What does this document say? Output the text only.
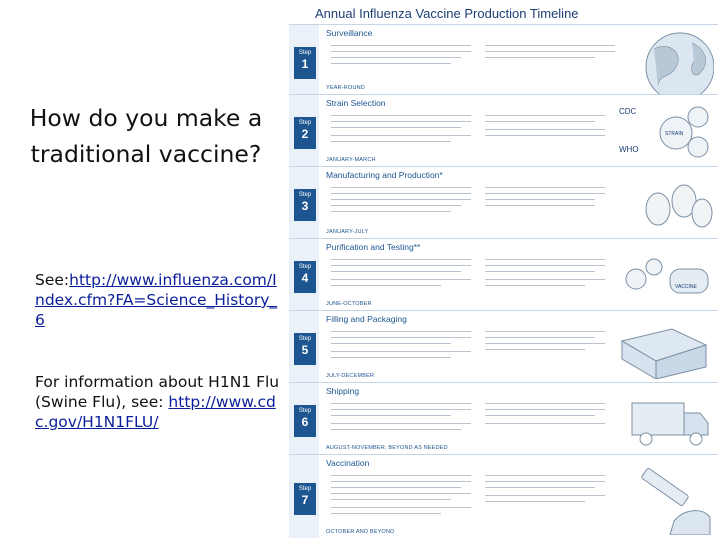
How do you make a traditional vaccine?
See:http://www.influenza.com/Index.cfm?FA=Science_History_6
For information about H1N1 Flu (Swine Flu), see: http://www.cdc.gov/H1N1FLU/
Annual Influenza Vaccine Production Timeline
Step
1
Surveillance
YEAR-ROUND
Step
2
Strain Selection
JANUARY-MARCH
CDC
WHO
STRAIN
Step
3
Manufacturing and Production*
JANUARY-JULY
Step
4
Purification and Testing**
JUNE-OCTOBER
VACCINE
Step
5
Filling and Packaging
JULY-DECEMBER
Step
6
Shipping
AUGUST-NOVEMBER; BEYOND AS NEEDED
Step
7
Vaccination
OCTOBER AND BEYOND
